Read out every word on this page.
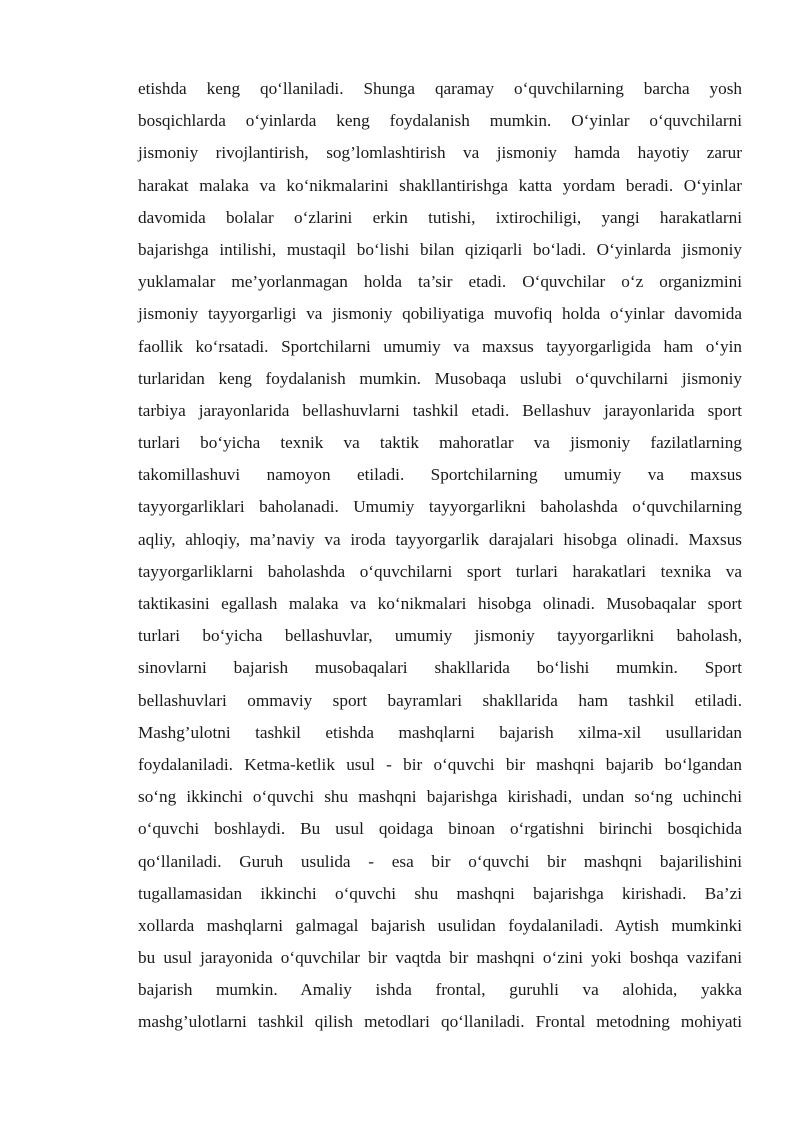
etishda keng qo‘llaniladi. Shunga qaramay o‘quvchilarning barcha yosh
bosqichlarda o‘yinlarda keng foydalanish mumkin. O‘yinlar o‘quvchilarni
jismoniy rivojlantirish, sog’lomlashtirish va jismoniy hamda hayotiy zarur
harakat malaka va ko‘nikmalarini shakllantirishga katta yordam beradi. O‘yinlar
davomida bolalar o‘zlarini erkin tutishi, ixtirochiligi, yangi harakatlarni
bajarishga intilishi, mustaqil bo‘lishi bilan qiziqarli bo‘ladi. O‘yinlarda jismoniy
yuklamalar me’yorlanmagan holda ta’sir etadi. O‘quvchilar o‘z organizmini
jismoniy tayyorgarligi va jismoniy qobiliyatiga muvofiq holda o‘yinlar davomida
faollik ko‘rsatadi. Sportchilarni umumiy va maxsus tayyorgarligida ham o‘yin
turlaridan keng foydalanish mumkin. Musobaqa uslubi o‘quvchilarni jismoniy
tarbiya jarayonlarida bellashuvlarni tashkil etadi. Bellashuv jarayonlarida sport
turlari bo‘yicha texnik va taktik mahoratlar va jismoniy fazilatlarning
takomillashuvi namoyon etiladi. Sportchilarning umumiy va maxsus
tayyorgarliklari baholanadi. Umumiy tayyorgarlikni baholashda o‘quvchilarning
aqliy, ahloqiy, ma’naviy va iroda tayyorgarlik darajalari hisobga olinadi. Maxsus
tayyorgarliklarni baholashda o‘quvchilarni sport turlari harakatlari texnika va
taktikasini egallash malaka va ko‘nikmalari hisobga olinadi. Musobaqalar sport
turlari bo‘yicha bellashuvlar, umumiy jismoniy tayyorgarlikni baholash,
sinovlarni bajarish musobaqalari shakllarida bo‘lishi mumkin. Sport
bellashuvlari ommaviy sport bayramlari shakllarida ham tashkil etiladi.
Mashg’ulotni tashkil etishda mashqlarni bajarish xilma-xil usullaridan
foydalaniladi. Ketma-ketlik usul - bir o‘quvchi bir mashqni bajarib bo‘lgandan
so‘ng ikkinchi o‘quvchi shu mashqni bajarishga kirishadi, undan so‘ng uchinchi
o‘quvchi boshlaydi. Bu usul qoidaga binoan o‘rgatishni birinchi bosqichida
qo‘llaniladi. Guruh usulida - esa bir o‘quvchi bir mashqni bajarilishini
tugallamasidan ikkinchi o‘quvchi shu mashqni bajarishga kirishadi. Ba’zi
xollarda mashqlarni galmagal bajarish usulidan foydalaniladi. Aytish mumkinki
bu usul jarayonida o‘quvchilar bir vaqtda bir mashqni o‘zini yoki boshqa vazifani
bajarish mumkin. Amaliy ishda frontal, guruhli va alohida, yakka
mashg’ulotlarni tashkil qilish metodlari qo‘llaniladi. Frontal metodning mohiyati
